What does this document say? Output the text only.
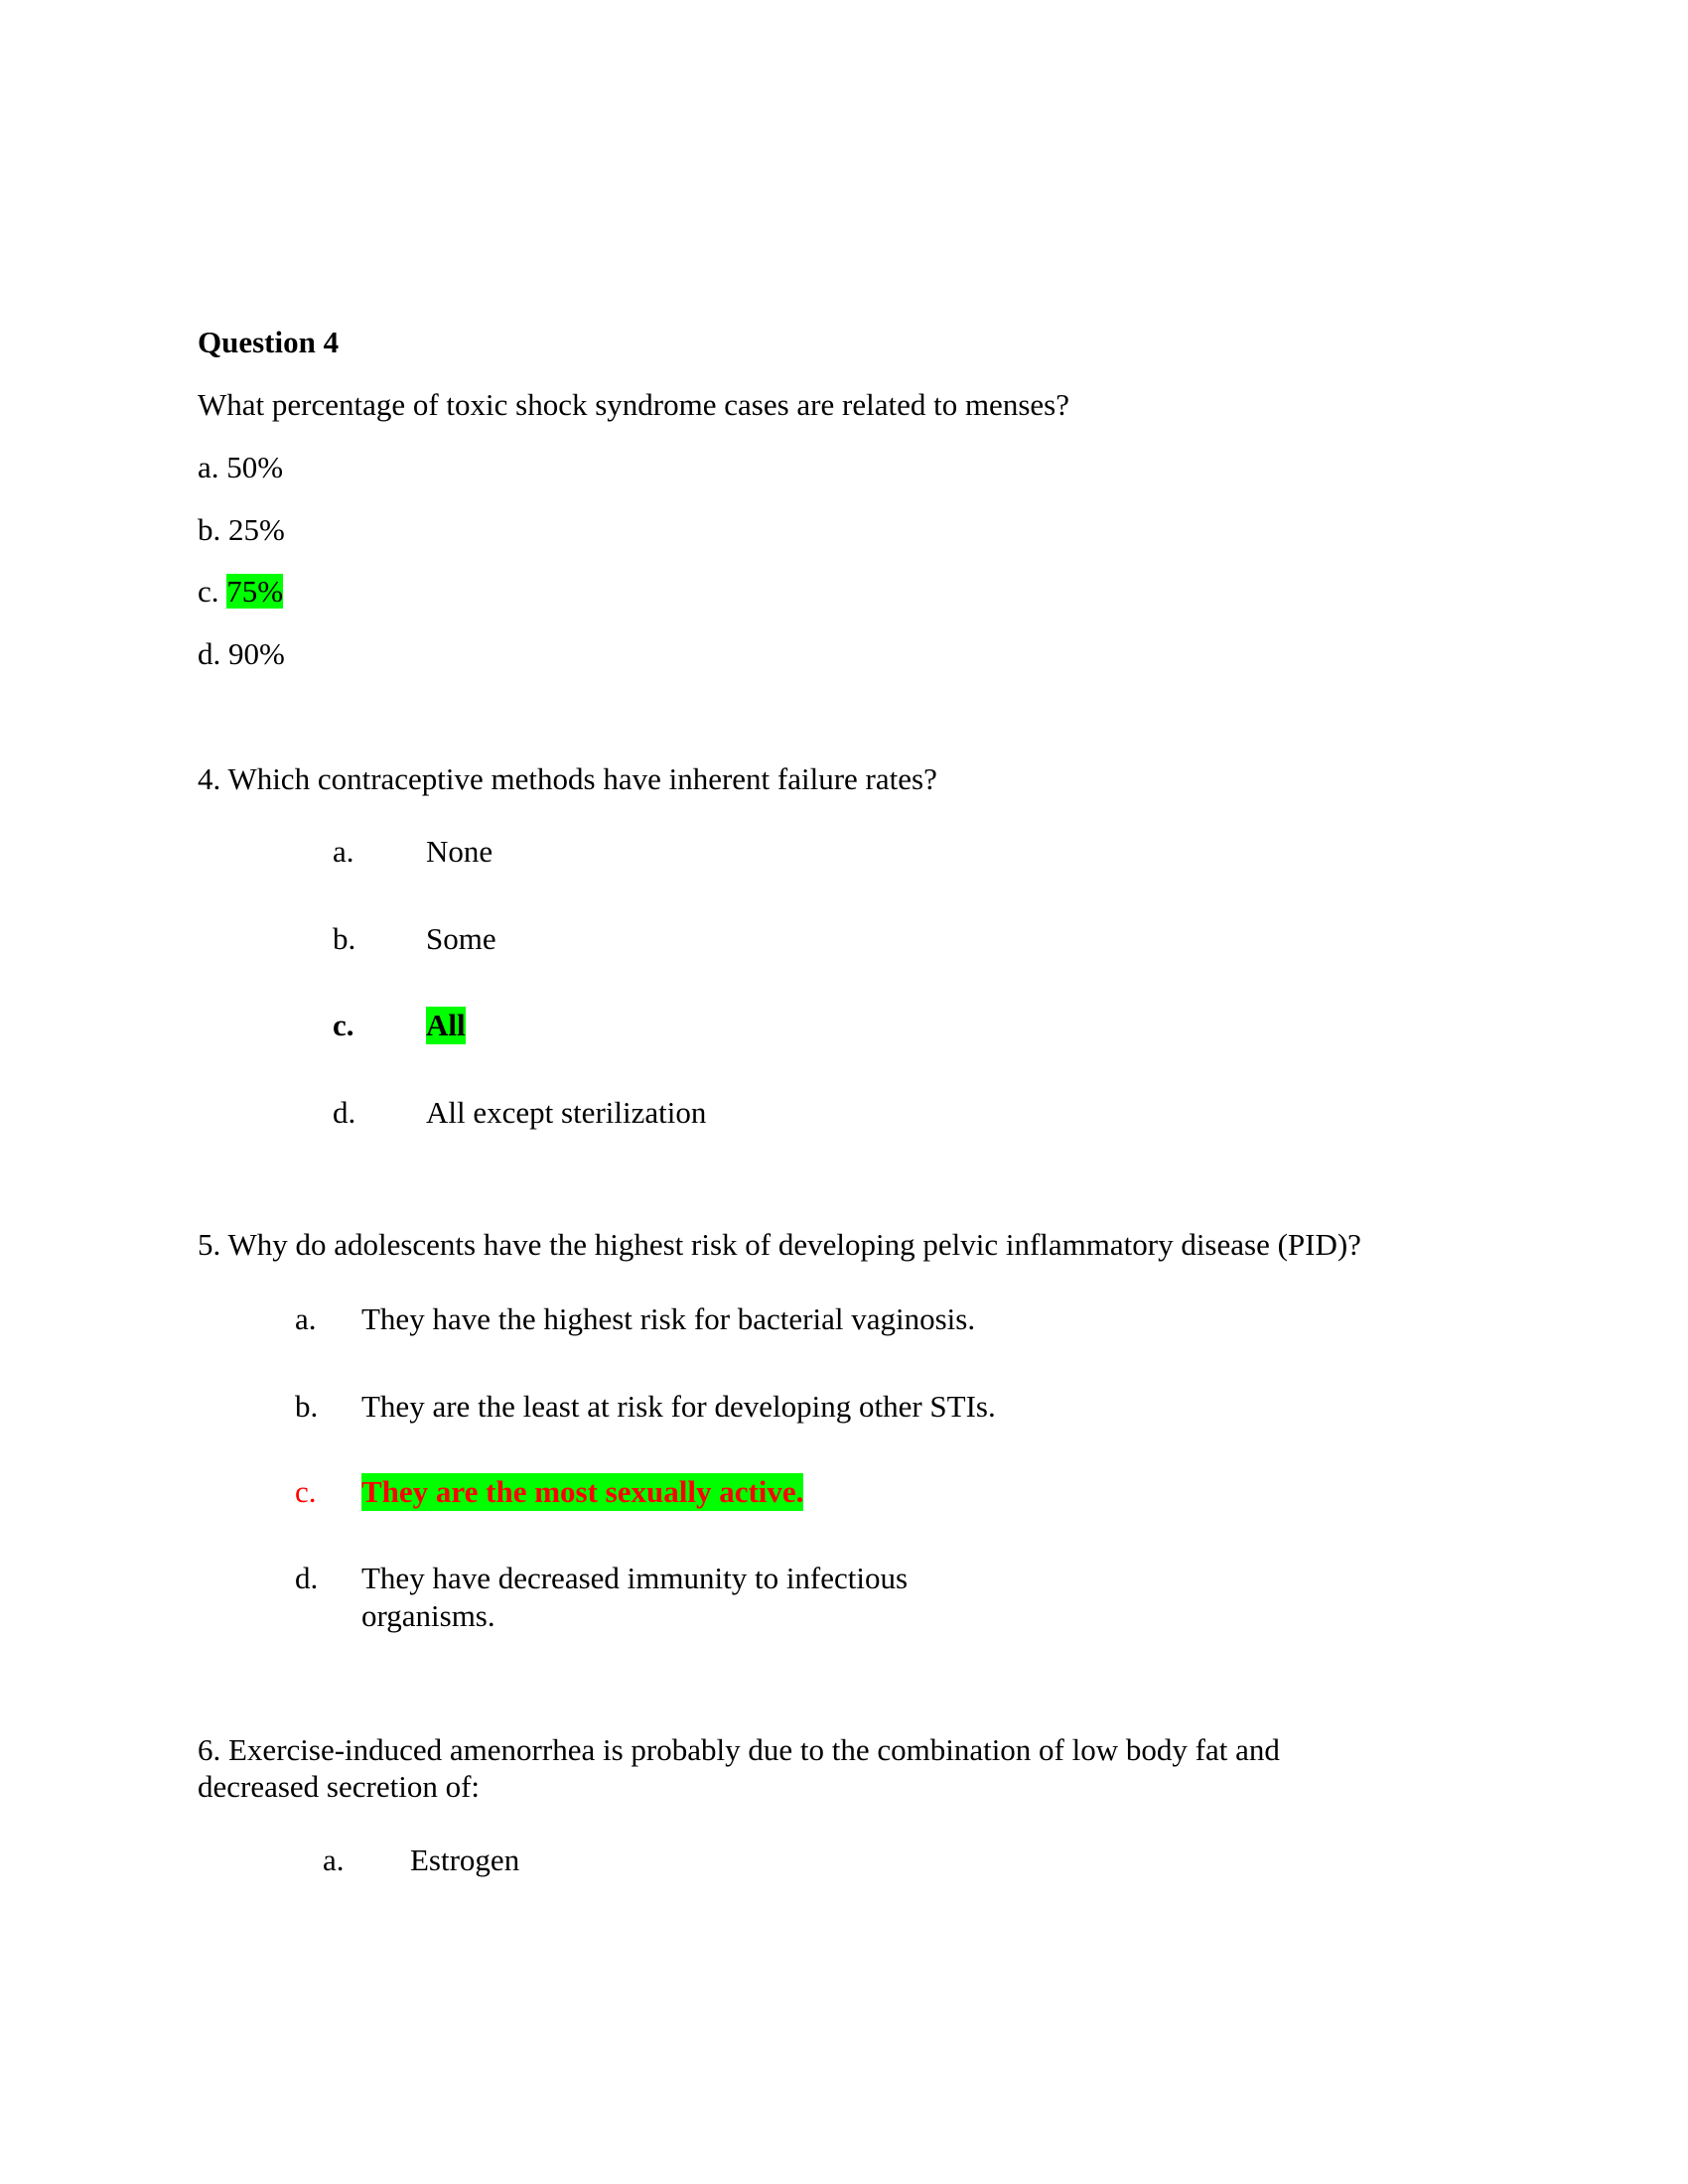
Question 4
What percentage of toxic shock syndrome cases are related to menses?
a. 50%
b. 25%
c. 75%
d. 90%
4. Which contraceptive methods have inherent failure rates?
a. None
b. Some
c. All
d. All except sterilization
5. Why do adolescents have the highest risk of developing pelvic inflammatory disease (PID)?
a. They have the highest risk for bacterial vaginosis.
b. They are the least at risk for developing other STIs.
c. They are the most sexually active.
d. They have decreased immunity to infectious
organisms.
6. Exercise-induced amenorrhea is probably due to the combination of low body fat and
decreased secretion of:
a. Estrogen
